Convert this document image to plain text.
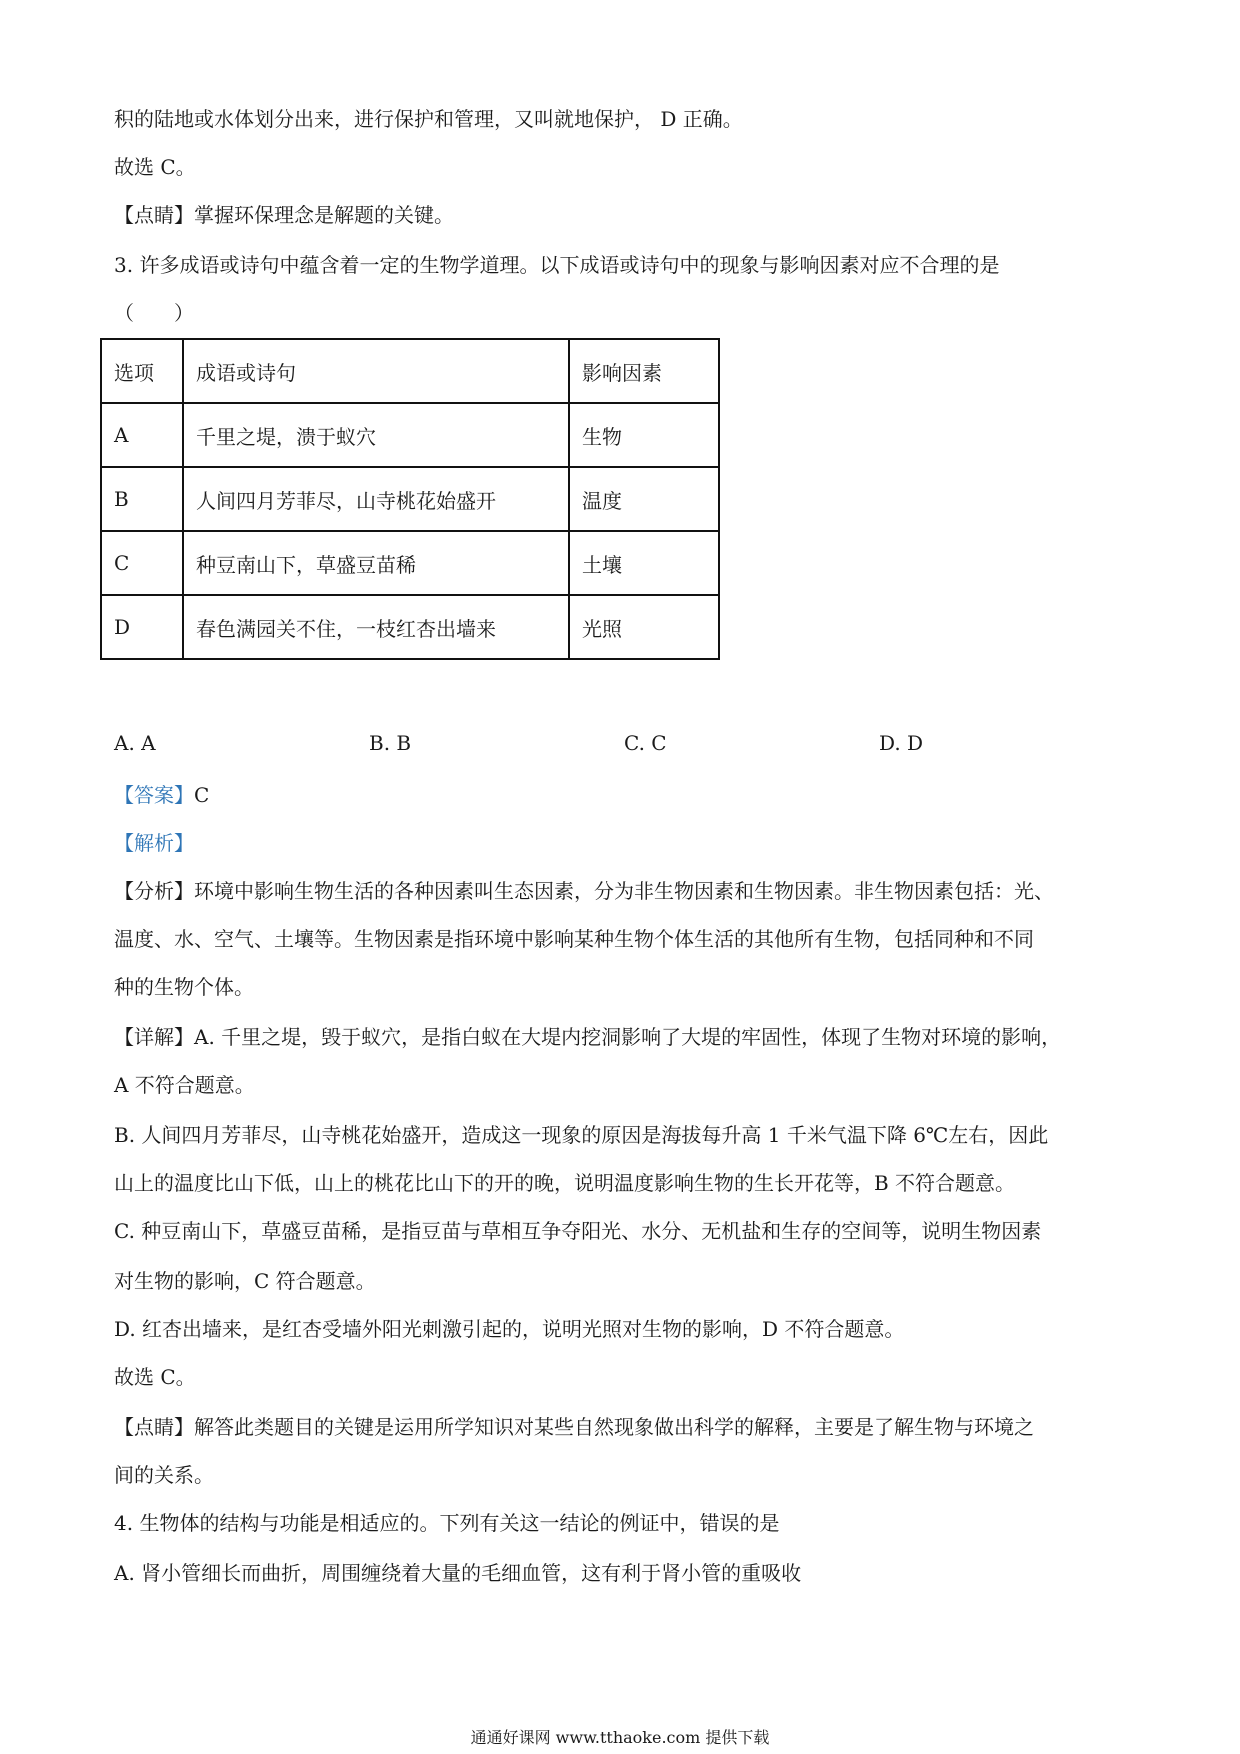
积的陆地或水体划分出来，进行保护和管理，又叫就地保护， D 正确。
故选 C。
【点睛】掌握环保理念是解题的关键。
3. 许多成语或诗句中蕴含着一定的生物学道理。以下成语或诗句中的现象与影响因素对应不合理的是
（　　）
选项	成语或诗句	影响因素
A	千里之堤，溃于蚁穴	生物
B	人间四月芳菲尽，山寺桃花始盛开	温度
C	种豆南山下，草盛豆苗稀	土壤
D	春色满园关不住，一枝红杏出墙来	光照
A. A	B. B	C. C	D. D
【答案】C
【解析】
【分析】环境中影响生物生活的各种因素叫生态因素，分为非生物因素和生物因素。非生物因素包括：光、
温度、水、空气、土壤等。生物因素是指环境中影响某种生物个体生活的其他所有生物，包括同种和不同
种的生物个体。
【详解】A. 千里之堤，毁于蚁穴，是指白蚁在大堤内挖洞影响了大堤的牢固性，体现了生物对环境的影响，
A 不符合题意。
B. 人间四月芳菲尽，山寺桃花始盛开，造成这一现象的原因是海拔每升高 1 千米气温下降 6℃左右，因此
山上的温度比山下低，山上的桃花比山下的开的晚，说明温度影响生物的生长开花等，B 不符合题意。
C. 种豆南山下，草盛豆苗稀，是指豆苗与草相互争夺阳光、水分、无机盐和生存的空间等，说明生物因素
对生物的影响，C 符合题意。
D. 红杏出墙来，是红杏受墙外阳光刺激引起的，说明光照对生物的影响，D 不符合题意。
故选 C。
【点睛】解答此类题目的关键是运用所学知识对某些自然现象做出科学的解释，主要是了解生物与环境之
间的关系。
4. 生物体的结构与功能是相适应的。下列有关这一结论的例证中，错误的是
A. 肾小管细长而曲折，周围缠绕着大量的毛细血管，这有利于肾小管的重吸收
通通好课网 www.tthaoke.com 提供下载
